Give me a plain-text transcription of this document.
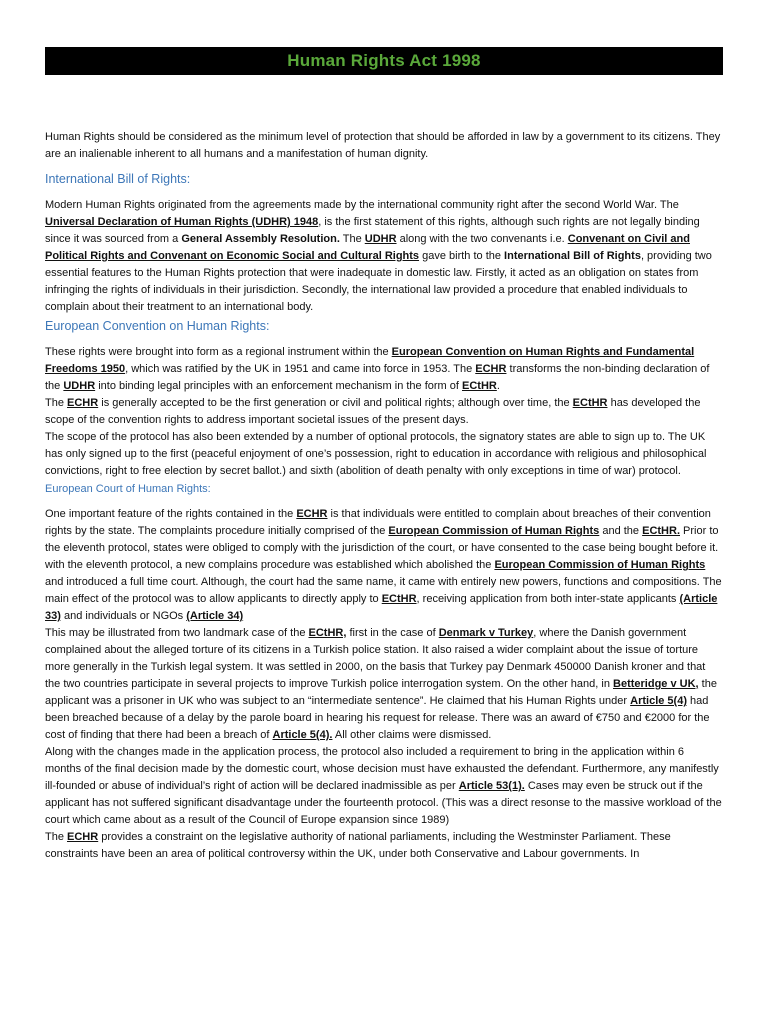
Human Rights Act 1998

Human Rights should be considered as the minimum level of protection that should be afforded in law by a government to its citizens. They are an inalienable inherent to all humans and a manifestation of human dignity.

International Bill of Rights:

Modern Human Rights originated from the agreements made by the international community right after the second World War. The Universal Declaration of Human Rights (UDHR) 1948, is the first statement of this rights, although such rights are not legally binding since it was sourced from a General Assembly Resolution. The UDHR along with the two convenants i.e. Convenant on Civil and Political Rights and Convenant on Economic Social and Cultural Rights gave birth to the International Bill of Rights, providing two essential features to the Human Rights protection that were inadequate in domestic law. Firstly, it acted as an obligation on states from infringing the rights of individuals in their jurisdiction. Secondly, the international law provided a procedure that enabled individuals to complain about their treatment to an international body.

European Convention on Human Rights:

These rights were brought into form as a regional instrument within the European Convention on Human Rights and Fundamental Freedoms 1950, which was ratified by the UK in 1951 and came into force in 1953. The ECHR transforms the non-binding declaration of the UDHR into binding legal principles with an enforcement mechanism in the form of ECtHR.

The ECHR is generally accepted to be the first generation or civil and political rights; although over time, the ECtHR has developed the scope of the convention rights to address important societal issues of the present days.

The scope of the protocol has also been extended by a number of optional protocols, the signatory states are able to sign up to. The UK has only signed up to the first (peaceful enjoyment of one’s possession, right to education in accordance with religious and philosophical convictions, right to free election by secret ballot.) and sixth (abolition of death penalty with only exceptions in time of war) protocol.

European Court of Human Rights:

One important feature of the rights contained in the ECHR is that individuals were entitled to complain about breaches of their convention rights by the state. The complaints procedure initially comprised of the European Commission of Human Rights and the ECtHR. Prior to the eleventh protocol, states were obliged to comply with the jurisdiction of the court, or have consented to the case being bought before it. with the eleventh protocol, a new complains procedure was established which abolished the European Commission of Human Rights and introduced a full time court. Although, the court had the same name, it came with entirely new powers, functions and compositions. The main effect of the protocol was to allow applicants to directly apply to ECtHR, receiving application from both inter-state applicants (Article 33) and individuals or NGOs (Article 34)

This may be illustrated from two landmark case of the ECtHR, first in the case of Denmark v Turkey, where the Danish government complained about the alleged torture of its citizens in a Turkish police station. It also raised a wider complaint about the issue of torture more generally in the Turkish legal system. It was settled in 2000, on the basis that Turkey pay Denmark 450000 Danish kroner and that the two countries participate in several projects to improve Turkish police interrogation system. On the other hand, in Betteridge v UK, the applicant was a prisoner in UK who was subject to an “intermediate sentence”. He claimed that his Human Rights under Article 5(4) had been breached because of a delay by the parole board in hearing his request for release. There was an award of €750 and €2000 for the cost of finding that there had been a breach of Article 5(4). All other claims were dismissed.

Along with the changes made in the application process, the protocol also included a requirement to bring in the application within 6 months of the final decision made by the domestic court, whose decision must have exhausted the defendant. Furthermore, any manifestly ill-founded or abuse of individual’s right of action will be declared inadmissible as per Article 53(1). Cases may even be struck out if the applicant has not suffered significant disadvantage under the fourteenth protocol. (This was a direct resonse to the massive workload of the court which came about as a result of the Council of Europe expansion since 1989)

The ECHR provides a constraint on the legislative authority of national parliaments, including the Westminster Parliament. These constraints have been an area of political controversy within the UK, under both Conservative and Labour governments. In
